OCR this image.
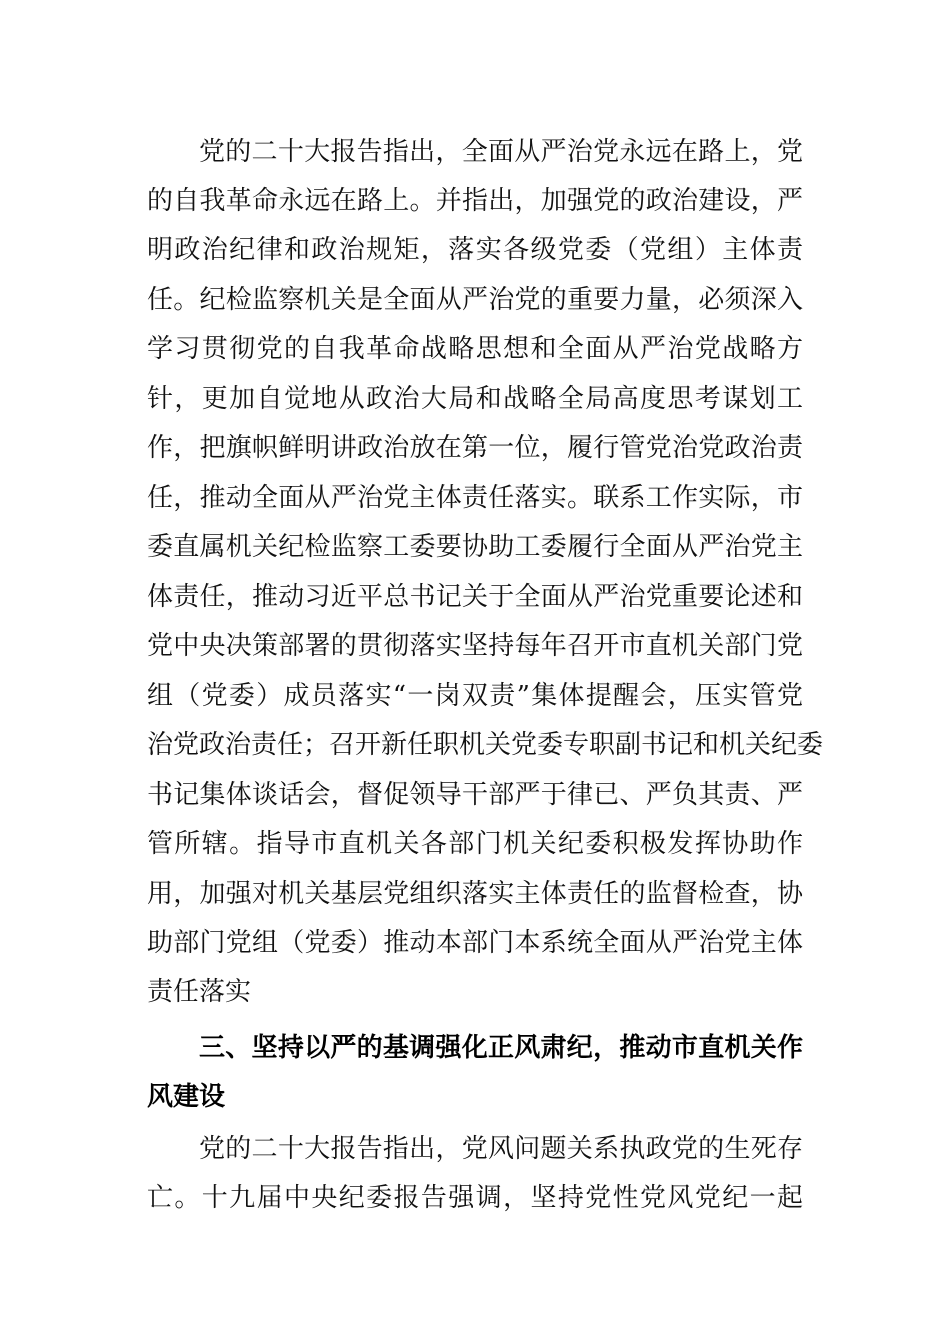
党的二十大报告指出，全面从严治党永远在路上，党
的自我革命永远在路上。并指出，加强党的政治建设，严
明政治纪律和政治规矩，落实各级党委（党组）主体责
任。纪检监察机关是全面从严治党的重要力量，必须深入
学习贯彻党的自我革命战略思想和全面从严治党战略方
针，更加自觉地从政治大局和战略全局高度思考谋划工
作，把旗帜鲜明讲政治放在第一位，履行管党治党政治责
任，推动全面从严治党主体责任落实。联系工作实际，市
委直属机关纪检监察工委要协助工委履行全面从严治党主
体责任，推动习近平总书记关于全面从严治党重要论述和
党中央决策部署的贯彻落实坚持每年召开市直机关部门党
组（党委）成员落实“一岗双责”集体提醒会，压实管党
治党政治责任；召开新任职机关党委专职副书记和机关纪委
书记集体谈话会，督促领导干部严于律已、严负其责、严
管所辖。指导市直机关各部门机关纪委积极发挥协助作
用，加强对机关基层党组织落实主体责任的监督检查，协
助部门党组（党委）推动本部门本系统全面从严治党主体
责任落实
三、坚持以严的基调强化正风肃纪，推动市直机关作
风建设
党的二十大报告指出，党风问题关系执政党的生死存
亡。十九届中央纪委报告强调，坚持党性党风党纪一起
